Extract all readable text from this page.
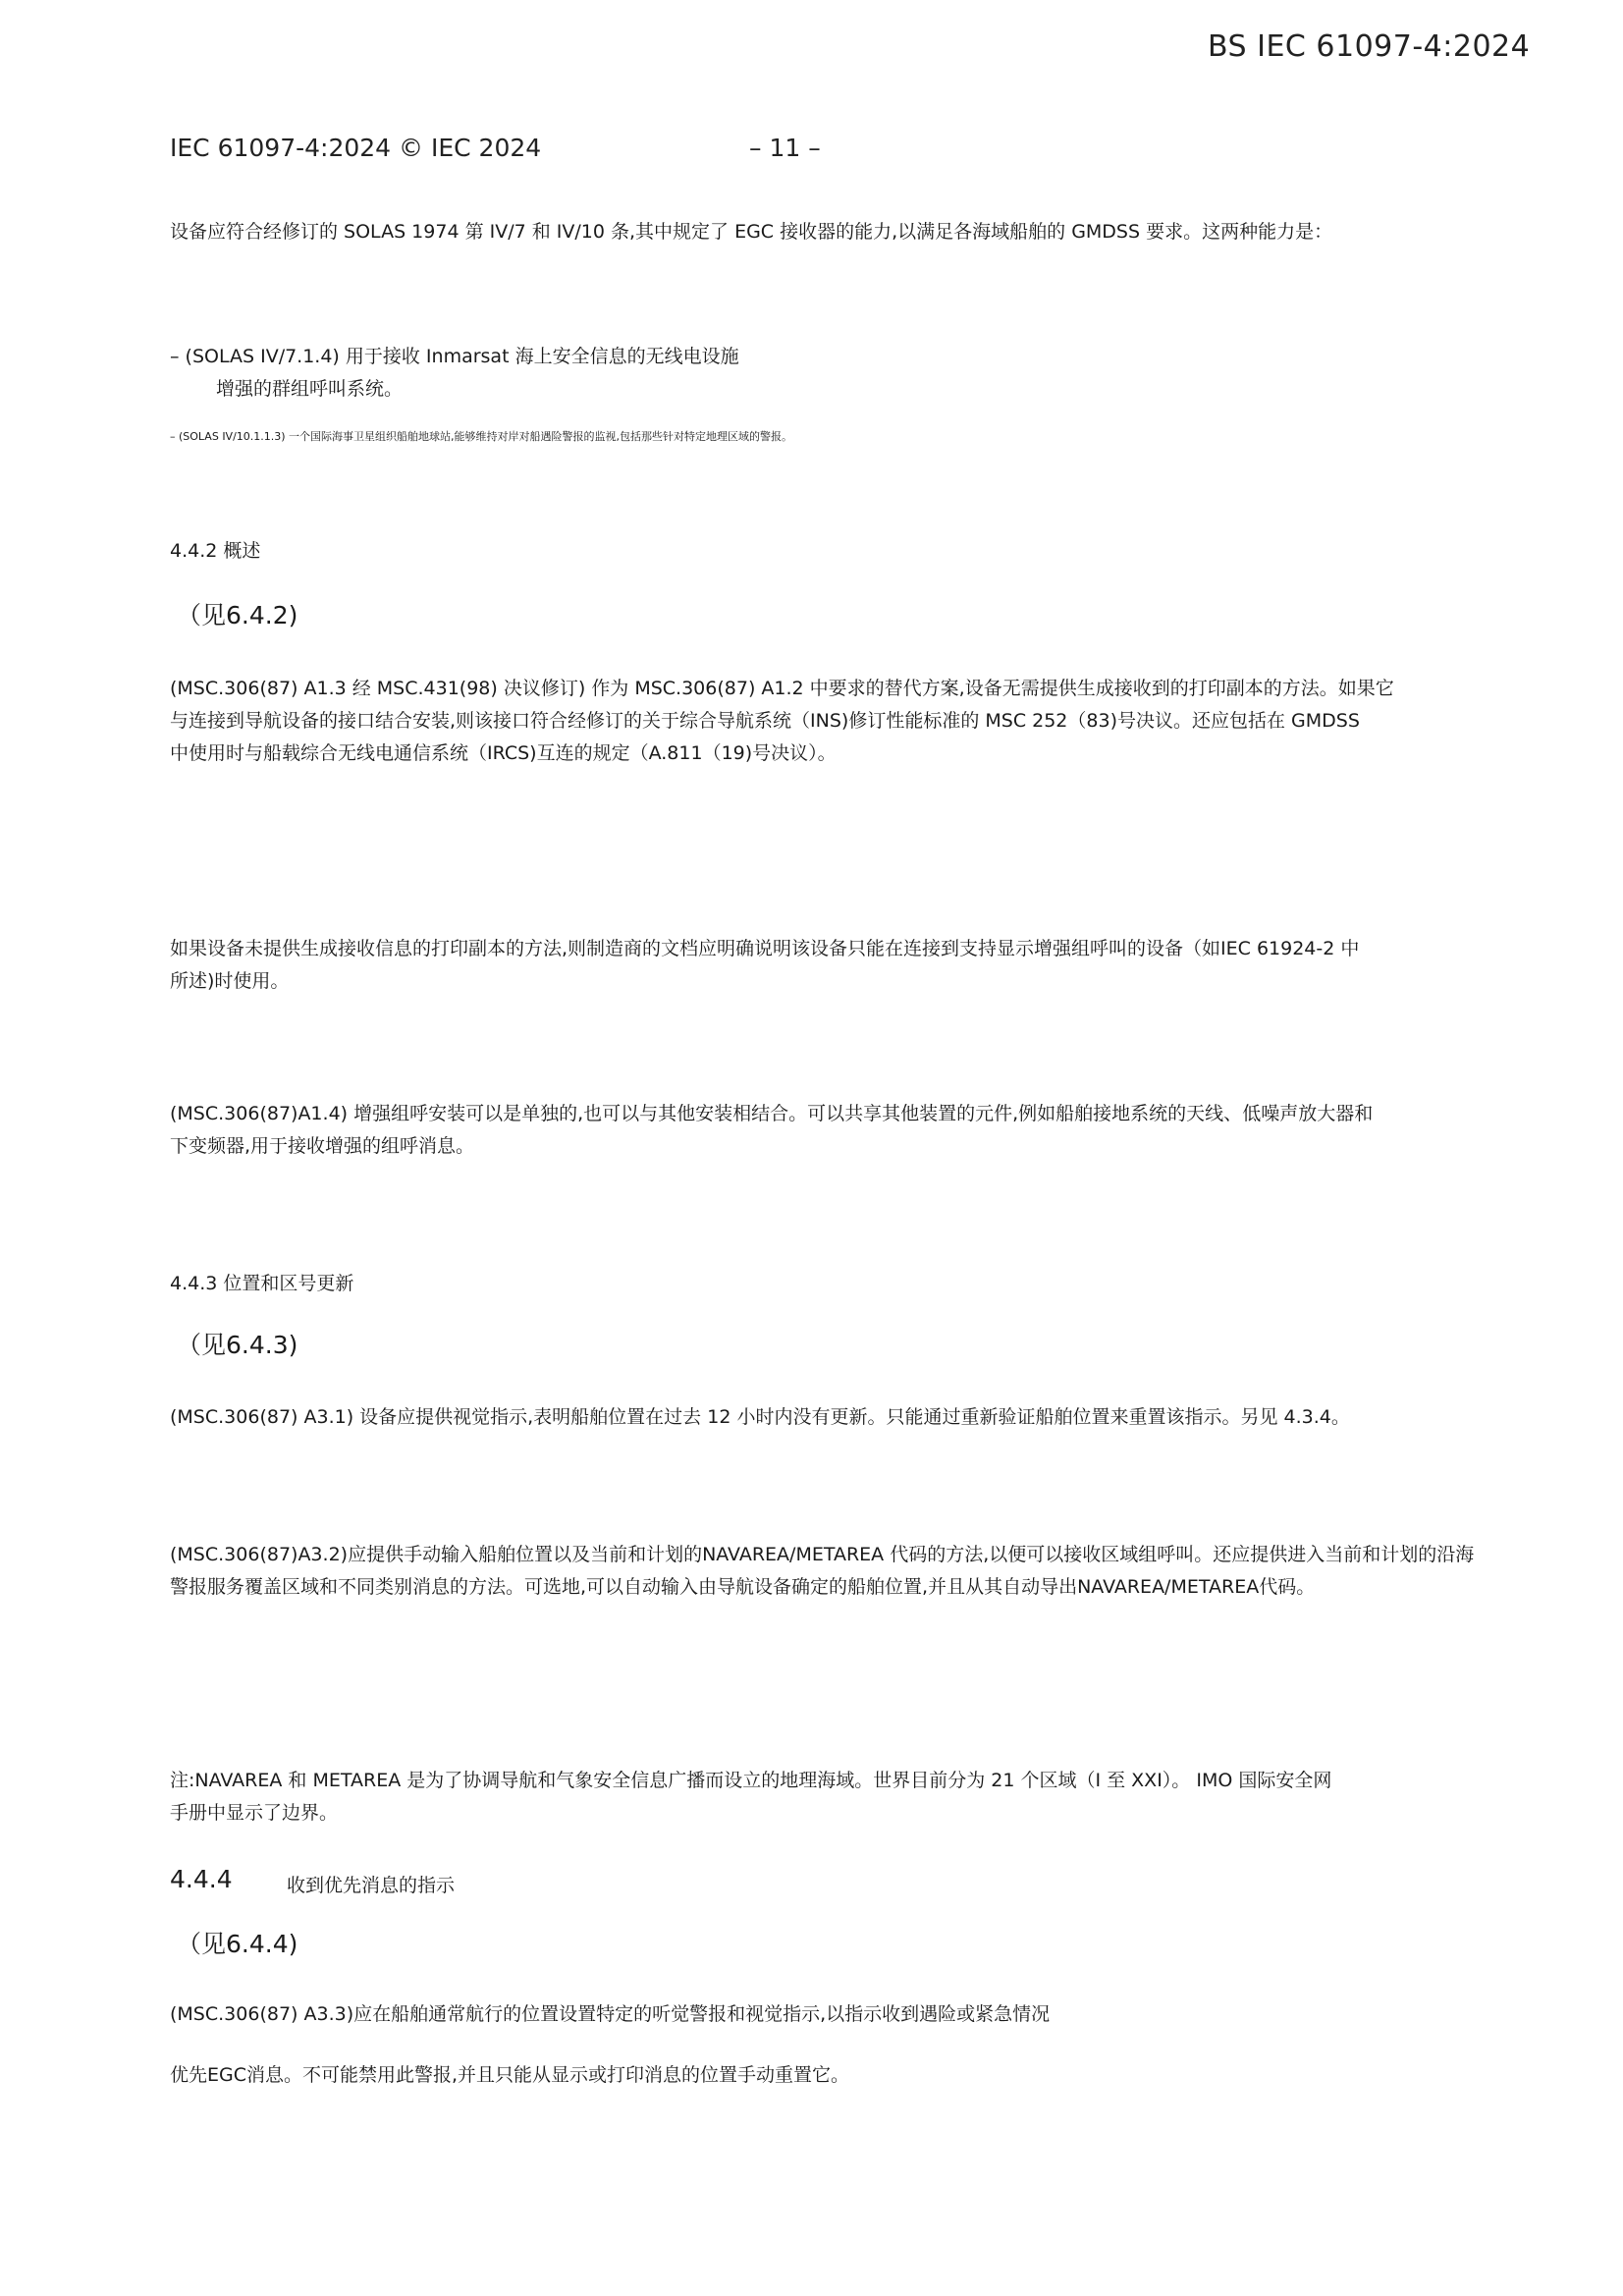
BS IEC 61097-4:2024
IEC 61097-4:2024 © IEC 2024	– 11 –
设备应符合经修订的 SOLAS 1974 第 IV/7 和 IV/10 条,其中规定了 EGC 接收器的能力,以满足各海域船舶的 GMDSS 要求。这两种能力是：
– (SOLAS IV/7.1.4) 用于接收 Inmarsat 海上安全信息的无线电设施
增强的群组呼叫系统。
– (SOLAS IV/10.1.1.3) 一个国际海事卫星组织船舶地球站,能够维持对岸对船遇险警报的监视,包括那些针对特定地理区域的警报。
4.4.2 概述
（见6.4.2)
(MSC.306(87) A1.3 经 MSC.431(98) 决议修订) 作为 MSC.306(87) A1.2 中要求的替代方案,设备无需提供生成接收到的打印副本的方法。如果它
与连接到导航设备的接口结合安装,则该接口符合经修订的关于综合导航系统（INS)修订性能标准的 MSC 252（83)号决议。还应包括在 GMDSS
中使用时与船载综合无线电通信系统（IRCS)互连的规定（A.811（19)号决议）。
如果设备未提供生成接收信息的打印副本的方法,则制造商的文档应明确说明该设备只能在连接到支持显示增强组呼叫的设备（如IEC 61924-2 中
所述)时使用。
(MSC.306(87)A1.4) 增强组呼安装可以是单独的,也可以与其他安装相结合。可以共享其他装置的元件,例如船舶接地系统的天线、低噪声放大器和
下变频器,用于接收增强的组呼消息。
4.4.3 位置和区号更新
（见6.4.3)
(MSC.306(87) A3.1) 设备应提供视觉指示,表明船舶位置在过去 12 小时内没有更新。只能通过重新验证船舶位置来重置该指示。另见 4.3.4。
(MSC.306(87)A3.2)应提供手动输入船舶位置以及当前和计划的NAVAREA/METAREA 代码的方法,以便可以接收区域组呼叫。还应提供进入当前和计划的沿海
警报服务覆盖区域和不同类别消息的方法。可选地,可以自动输入由导航设备确定的船舶位置,并且从其自动导出NAVAREA/METAREA代码。
注:NAVAREA 和 METAREA 是为了协调导航和气象安全信息广播而设立的地理海域。世界目前分为 21 个区域（I 至 XXI）。 IMO 国际安全网
手册中显示了边界。
4.4.4	收到优先消息的指示
（见6.4.4)
(MSC.306(87) A3.3)应在船舶通常航行的位置设置特定的听觉警报和视觉指示,以指示收到遇险或紧急情况
优先EGC消息。不可能禁用此警报,并且只能从显示或打印消息的位置手动重置它。
